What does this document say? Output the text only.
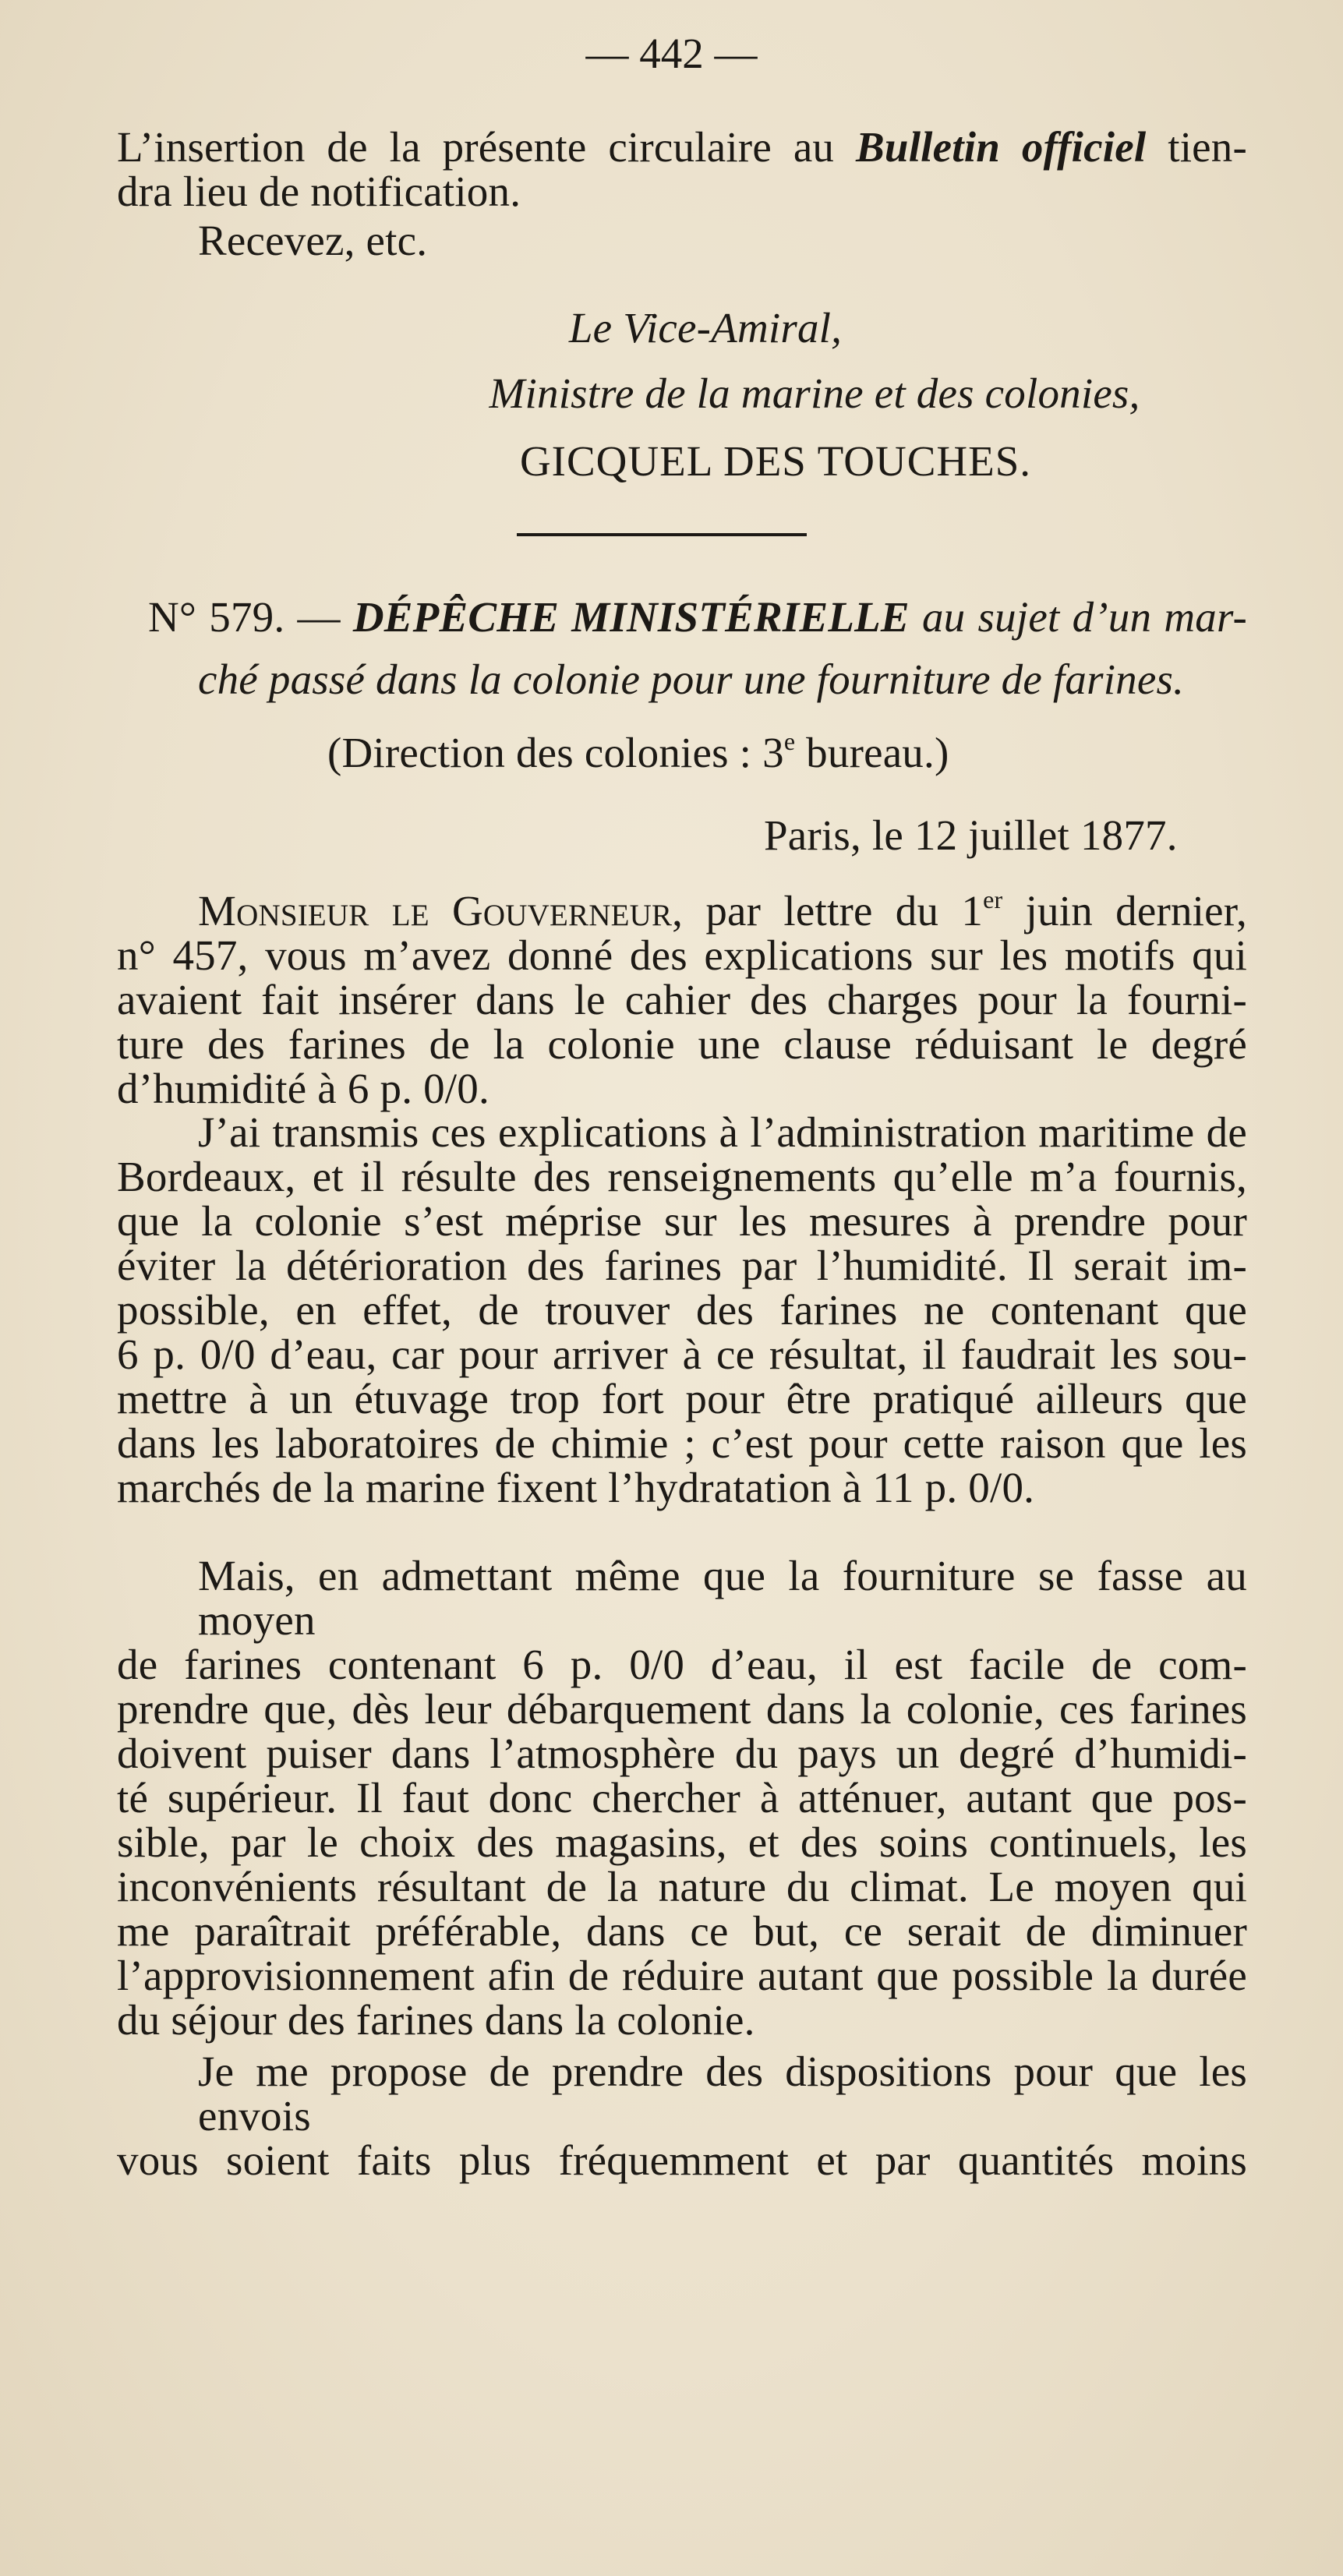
— 442 —
L’insertion de la présente circulaire au Bulletin officiel tien-
dra lieu de notification.
Recevez, etc.
Le Vice-Amiral,
Ministre de la marine et des colonies,
GICQUEL DES TOUCHES.
N° 579. — DÉPÊCHE MINISTÉRIELLE au sujet d’un mar-
ché passé dans la colonie pour une fourniture de farines.
(Direction des colonies : 3e bureau.)
Paris, le 12 juillet 1877.
Monsieur le Gouverneur, par lettre du 1er juin dernier,
n° 457, vous m’avez donné des explications sur les motifs qui
avaient fait insérer dans le cahier des charges pour la fourni-
ture des farines de la colonie une clause réduisant le degré
d’humidité à 6 p. 0/0.
J’ai transmis ces explications à l’administration maritime de
Bordeaux, et il résulte des renseignements qu’elle m’a fournis,
que la colonie s’est méprise sur les mesures à prendre pour
éviter la détérioration des farines par l’humidité. Il serait im-
possible, en effet, de trouver des farines ne contenant que
6 p. 0/0 d’eau, car pour arriver à ce résultat, il faudrait les sou-
mettre à un étuvage trop fort pour être pratiqué ailleurs que
dans les laboratoires de chimie ; c’est pour cette raison que les
marchés de la marine fixent l’hydratation à 11 p. 0/0.
Mais, en admettant même que la fourniture se fasse au moyen
de farines contenant 6 p. 0/0 d’eau, il est facile de com-
prendre que, dès leur débarquement dans la colonie, ces farines
doivent puiser dans l’atmosphère du pays un degré d’humidi-
té supérieur. Il faut donc chercher à atténuer, autant que pos-
sible, par le choix des magasins, et des soins continuels, les
inconvénients résultant de la nature du climat. Le moyen qui
me paraîtrait préférable, dans ce but, ce serait de diminuer
l’approvisionnement afin de réduire autant que possible la durée
du séjour des farines dans la colonie.
Je me propose de prendre des dispositions pour que les envois
vous soient faits plus fréquemment et par quantités moins
